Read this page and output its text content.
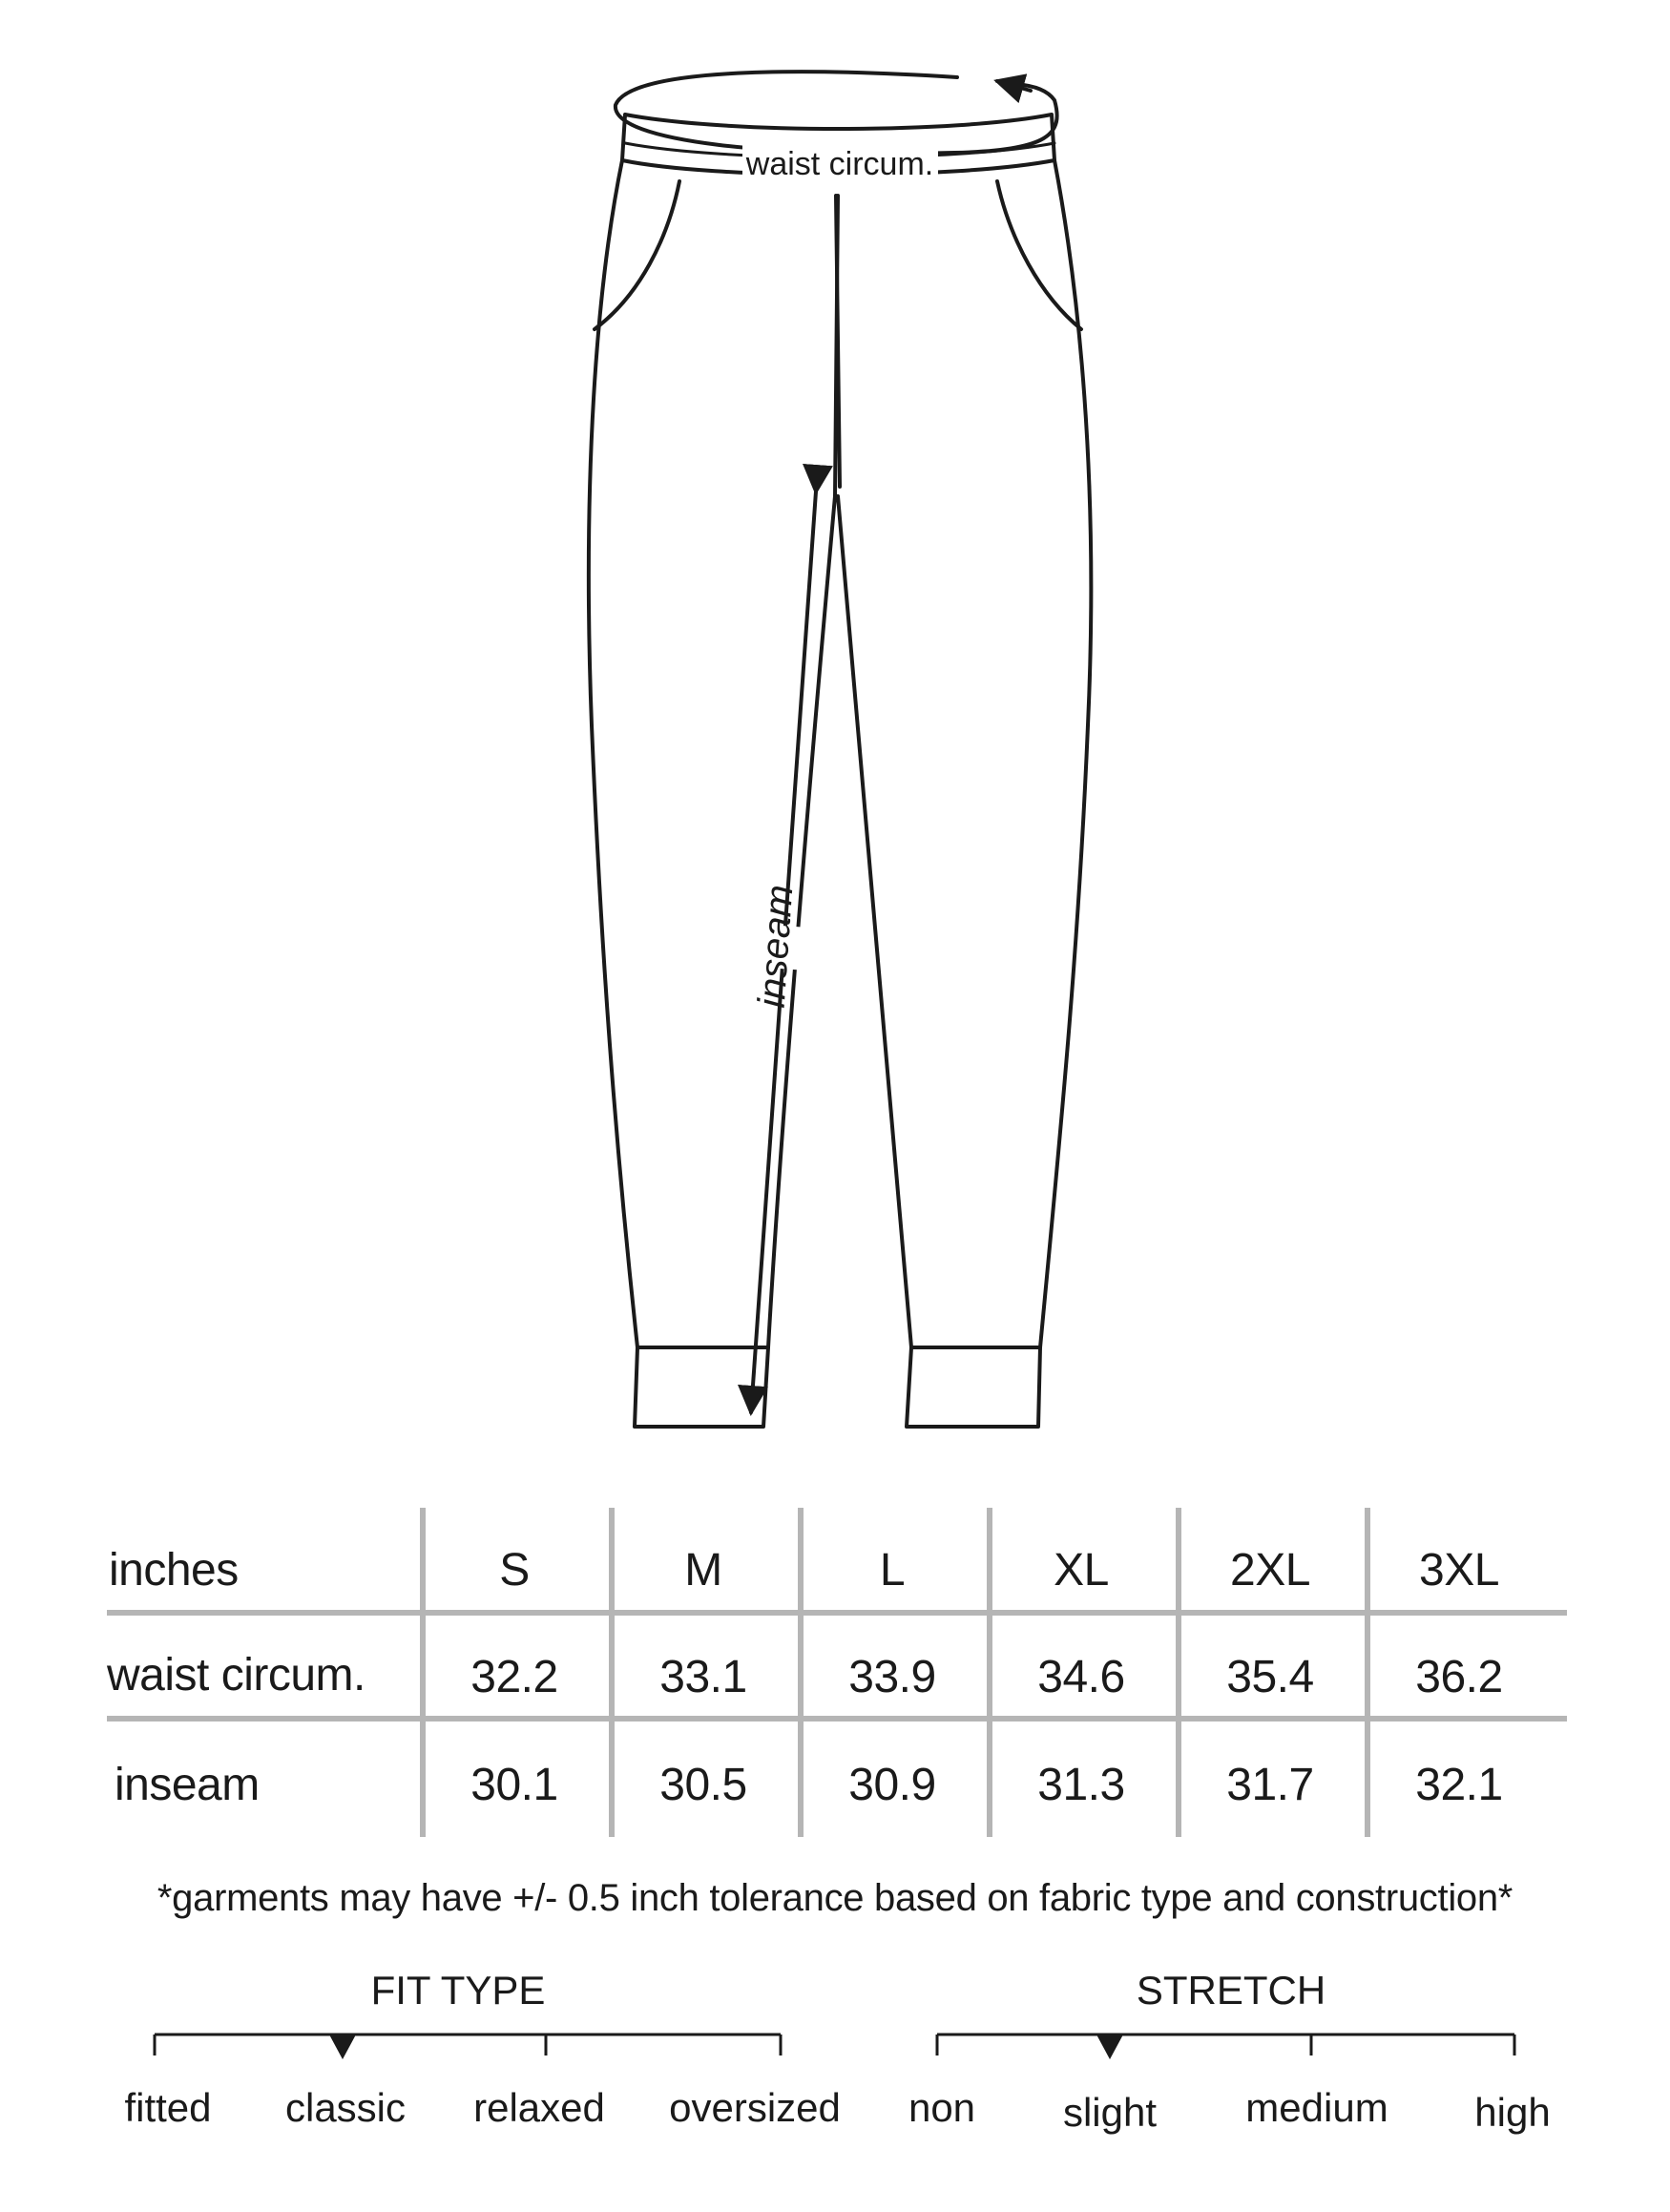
waist circum.
inseam
inches	S	M	L	XL	2XL	3XL
waist circum.	32.2	33.1	33.9	34.6	35.4	36.2
inseam	30.1	30.5	30.9	31.3	31.7	32.1
*garments may have +/- 0.5 inch tolerance based on fabric type and construction*
FIT TYPE
fitted classic relaxed oversized
STRETCH
non slight medium high
